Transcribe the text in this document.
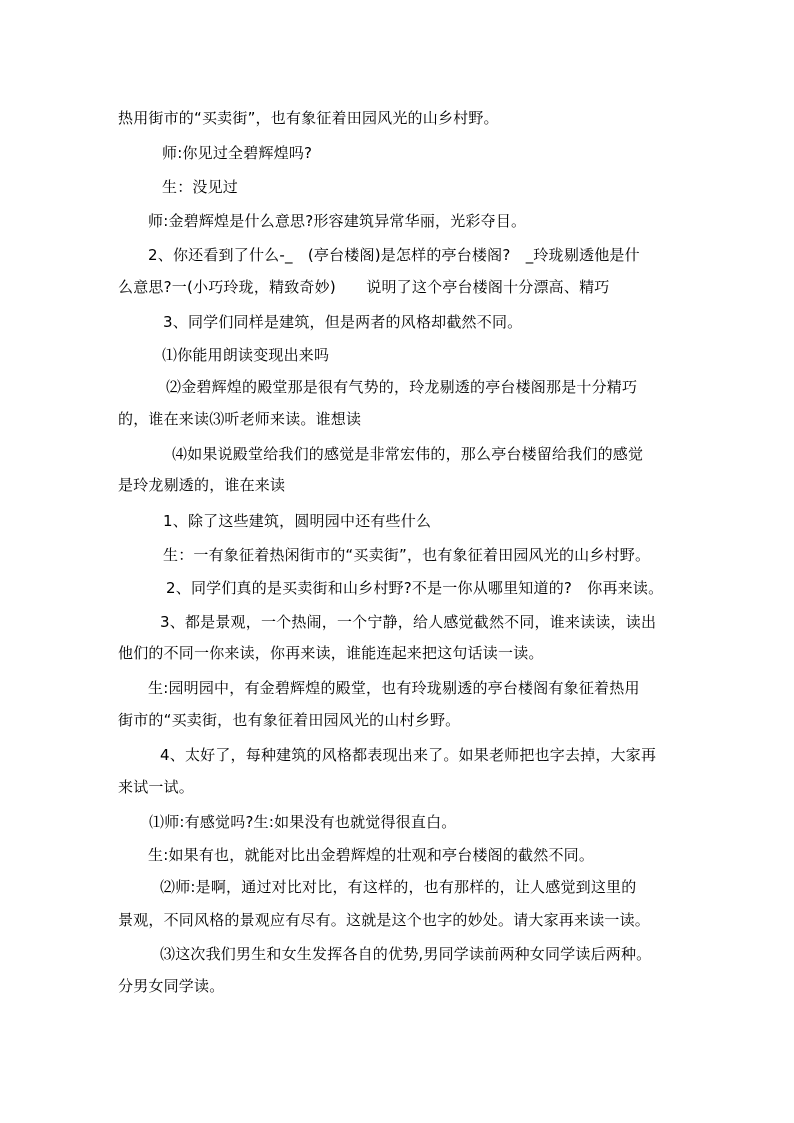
热用街市的“买卖街”，也有象征着田园风光的山乡村野。

师:你见过全碧辉煌吗?

生：没见过

师:金碧辉煌是什么意思?形容建筑异常华丽，光彩夺目。

2、你还看到了什么-_　(亭台楼阁)是怎样的亭台楼阁?　_玲珑剔透他是什

么意思?一(小巧玲珑，精致奇妙)　　说明了这个亭台楼阁十分漂高、精巧

3、同学们同样是建筑，但是两者的风格却截然不同。

⑴你能用朗读变现出来吗

⑵金碧辉煌的殿堂那是很有气势的，玲龙剔透的亭台楼阁那是十分精巧

的，谁在来读⑶听老师来读。谁想读

⑷如果说殿堂给我们的感觉是非常宏伟的，那么亭台楼留给我们的感觉

是玲龙剔透的，谁在来读

1、除了这些建筑，圆明园中还有些什么

生：一有象征着热闲街市的“买卖街”，也有象征着田园风光的山乡村野。

2、同学们真的是买卖街和山乡村野?不是一你从哪里知道的?　你再来读。

3、都是景观，一个热闹，一个宁静，给人感觉截然不同，谁来读读，读出

他们的不同一你来读，你再来读，谁能连起来把这句话读一读。

生:园明园中，有金碧辉煌的殿堂，也有玲珑剔透的亭台楼阁有象征着热用

街市的“买卖街，也有象征着田园风光的山村乡野。

4、太好了，每种建筑的风格都表现出来了。如果老师把也字去掉，大家再

来试一试。

⑴师:有感觉吗?生:如果没有也就觉得很直白。

生:如果有也，就能对比出金碧辉煌的壮观和亭台楼阁的截然不同。

⑵师:是啊，通过对比对比，有这样的，也有那样的，让人感觉到这里的

景观，不同风格的景观应有尽有。这就是这个也字的妙处。请大家再来读一读。

⑶这次我们男生和女生发挥各自的优势,男同学读前两种女同学读后两种。

分男女同学读。
